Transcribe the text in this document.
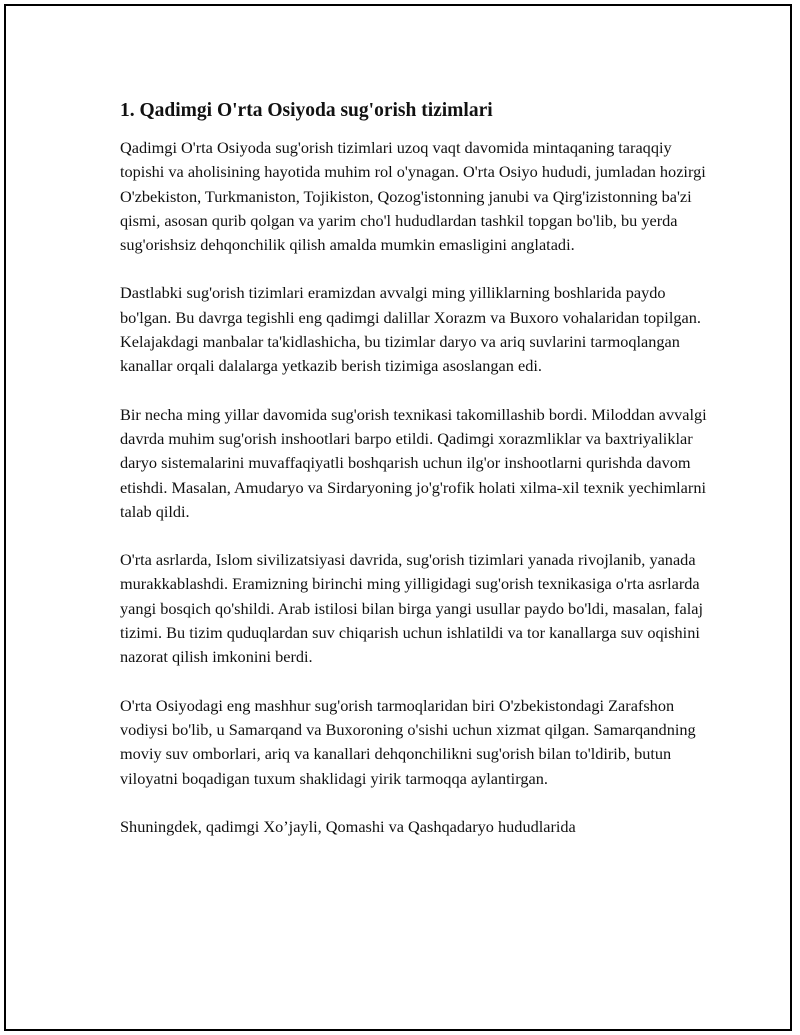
1. Qadimgi O'rta Osiyoda sug'orish tizimlari

Qadimgi O'rta Osiyoda sug'orish tizimlari uzoq vaqt davomida mintaqaning taraqqiy topishi va aholisining hayotida muhim rol o'ynagan. O'rta Osiyo hududi, jumladan hozirgi O'zbekiston, Turkmaniston, Tojikiston, Qozog'istonning janubi va Qirg'izistonning ba'zi qismi, asosan qurib qolgan va yarim cho'l hududlardan tashkil topgan bo'lib, bu yerda sug'orishsiz dehqonchilik qilish amalda mumkin emasligini anglatadi.

Dastlabki sug'orish tizimlari eramizdan avvalgi ming yilliklarning boshlarida paydo bo'lgan. Bu davrga tegishli eng qadimgi dalillar Xorazm va Buxoro vohalaridan topilgan. Kelajakdagi manbalar ta'kidlashicha, bu tizimlar daryo va ariq suvlarini tarmoqlangan kanallar orqali dalalarga yetkazib berish tizimiga asoslangan edi.

Bir necha ming yillar davomida sug'orish texnikasi takomillashib bordi. Miloddan avvalgi davrda muhim sug'orish inshootlari barpo etildi. Qadimgi xorazmliklar va baxtriyaliklar daryo sistemalarini muvaffaqiyatli boshqarish uchun ilg'or inshootlarni qurishda davom etishdi. Masalan, Amudaryo va Sirdaryoning jo'g'rofik holati xilma-xil texnik yechimlarni talab qildi.

O'rta asrlarda, Islom sivilizatsiyasi davrida, sug'orish tizimlari yanada rivojlanib, yanada murakkablashdi. Eramizning birinchi ming yilligidagi sug'orish texnikasiga o'rta asrlarda yangi bosqich qo'shildi. Arab istilosi bilan birga yangi usullar paydo bo'ldi, masalan, falaj tizimi. Bu tizim quduqlardan suv chiqarish uchun ishlatildi va tor kanallarga suv oqishini nazorat qilish imkonini berdi.

O'rta Osiyodagi eng mashhur sug'orish tarmoqlaridan biri O'zbekistondagi Zarafshon vodiysi bo'lib, u Samarqand va Buxoroning o'sishi uchun xizmat qilgan. Samarqandning moviy suv omborlari, ariq va kanallari dehqonchilikni sug'orish bilan to'ldirib, butun viloyatni boqadigan tuxum shaklidagi yirik tarmoqqa aylantirgan.

Shuningdek, qadimgi Xo’jayli, Qomashi va Qashqadaryo hududlarida
